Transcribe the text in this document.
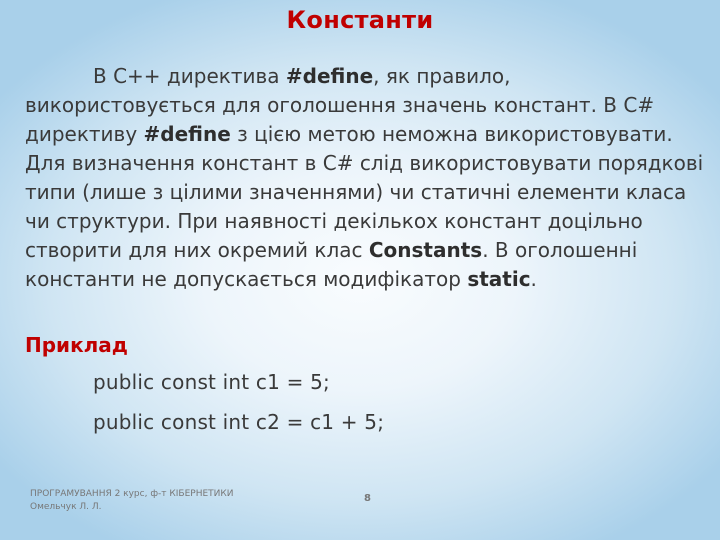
Константи
В С++ директива #define, як правило, використовується для оголошення значень констант. В C# директиву #define з цією метою неможна використовувати. Для визначення констант в C# слід використовувати порядкові типи (лише з цілими значеннями) чи статичні елементи класа чи структури. При наявності декількох констант доцільно створити для них окремий клас Constants. В оголошенні константи не допускається модифікатор static.
Приклад
public const int c1 = 5;
public const int c2 = c1 + 5;
ПРОГРАМУВАННЯ 2 курс, ф-т КІБЕРНЕТИКИ
Омельчук Л. Л.
8
